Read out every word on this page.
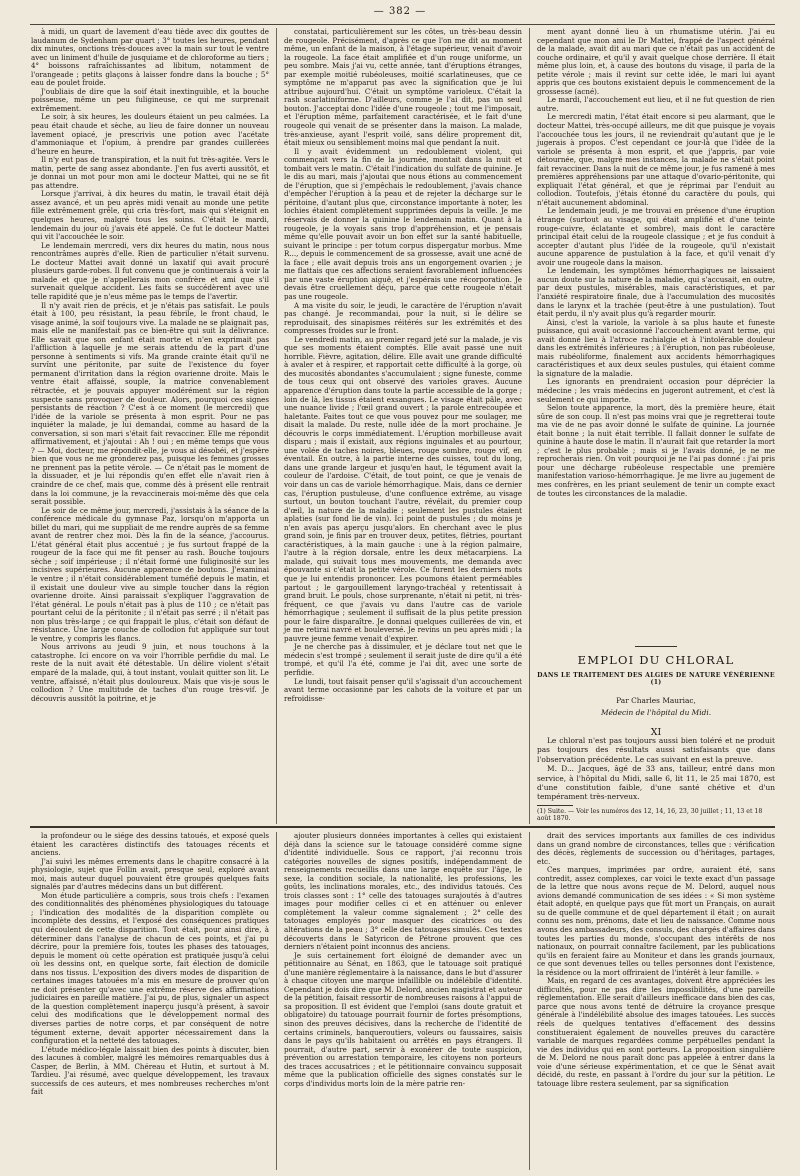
— 382 —

à midi, un quart de lavement d'eau tiède avec dix gouttes de laudanum de Sydenham par quart ; 3° toutes les heures, pendant dix minutes, onctions très-douces avec la main sur tout le ventre avec un liniment d'huile de jusquiame et de chloroforme au tiers ; 4° boissons rafraîchissantes ad libitum, notamment de l'orangeade ; petits glaçons à laisser fondre dans la bouche ; 5° eau de poulet froide.

J'oubliais de dire que la soif était inextinguible, et la bouche poisseuse, même un peu fuligineuse, ce qui me surprenait extrêmement.

Le soir, à six heures, les douleurs étaient un peu calmées. La peau était chaude et sèche, au lieu de faire donner un nouveau lavement opiacé, je prescrivis une potion avec l'acétate d'ammoniaque et l'opium, à prendre par grandes cuillerées d'heure en heure.

Il n'y eut pas de transpiration, et la nuit fut très-agitée. Vers le matin, perte de sang assez abondante. J'en fus averti aussitôt, et je donnai un mot pour mon ami le docteur Mattei, qui ne se fit pas attendre.

Lorsque j'arrivai, à dix heures du matin, le travail était déjà assez avancé, et un peu après midi venait au monde une petite fille extrêmement grêle, qui cria très-fort, mais qui s'éteignit en quelques heures, malgré tous les soins. C'était le mardi, lendemain du jour où j'avais été appelé. Ce fut le docteur Mattei qui vit l'accouchée le soir.

Le lendemain mercredi, vers dix heures du matin, nous nous rencontrâmes auprès d'elle. Rien de particulier n'était survenu. Le docteur Mattei avait donné un laxatif qui avait procuré plusieurs garde-robes. Il fut convenu que je continuerais à voir la malade et que je n'appellerais mon confrère et ami que s'il survenait quelque accident. Les faits se succédèrent avec une telle rapidité que je n'eus même pas le temps de l'avertir.

Il n'y avait rien de précis, et je n'étais pas satisfait. Le pouls était à 100, peu résistant, la peau fébrile, le front chaud, le visage animé, la soif toujours vive. La malade ne se plaignait pas, mais elle ne manifestait pas ce bien-être qui suit la délivrance. Elle savait que son enfant était morte et n'en exprimait pas l'affliction à laquelle je me serais attendu de la part d'une personne à sentiments si vifs. Ma grande crainte était qu'il ne survînt une péritonite, par suite de l'existence du foyer permanent d'irritation dans la région ovarienne droite. Mais le ventre était affaissé, souple, la matrice convenablement rétractée, et je pouvais appuyer modérément sur la région suspecte sans provoquer de douleur. Alors, pourquoi ces signes persistants de réaction ? C'est à ce moment (le mercredi) que l'idée de la variole se présenta à mon esprit. Pour ne pas inquiéter la malade, je lui demandai, comme au hasard de la conversation, si son mari s'était fait revacciner. Elle me répondit affirmativement, et j'ajoutai : Ah ! oui ; en même temps que vous ? — Moi, docteur, me répondit-elle, je vous ai désobéi, et j'espère bien que vous ne me gronderez pas, puisque les femmes grosses ne prennent pas la petite vérole. — Ce n'était pas le moment de la dissuader, et je lui répondis qu'en effet elle n'avait rien à craindre de ce chef, mais que, comme dès à présent elle rentrait dans la loi commune, je la revaccinerais moi-même dès que cela serait possible.

Le soir de ce même jour, mercredi, j'assistais à la séance de la conférence médicale du gymnase Paz, lorsqu'on m'apporta un billet du mari, qui me suppliait de me rendre auprès de sa femme avant de rentrer chez moi. Dès la fin de la séance, j'accourus. L'état général était plus accentué ; je fus surtout frappé de la rougeur de la face qui me fit penser au rash. Bouche toujours sèche ; soif impérieuse ; il n'était formé une fuliginosité sur les incisives supérieures. Aucune apparence de boutons. J'examinai le ventre ; il n'était considérablement tuméfié depuis le matin, et il existait une douleur vive au simple toucher dans la région ovarienne droite. Ainsi paraissait s'expliquer l'aggravation de l'état général. Le pouls n'était pas à plus de 110 ; ce n'était pas pourtant celui de la péritonite ; il n'était pas serré ; il n'était pas non plus très-large ; ce qui frappait le plus, c'était son défaut de résistance. Une large couche de collodion fut appliquée sur tout le ventre, y compris les flancs.

Nous arrivons au jeudi 9 juin, et nous touchons à la catastrophe. Ici encore on va voir l'horrible perfidie du mal. Le reste de la nuit avait été détestable. Un délire violent s'était emparé de la malade, qui, à tout instant, voulait quitter son lit. Le ventre, affaissé, n'était plus douloureux. Mais que vis-je sous le collodion ? Une multitude de taches d'un rouge très-vif. Je découvris aussitôt la poitrine, et je

constatai, particulièrement sur les côtes, un très-beau dessin de rougeole. Précisément, d'après ce que l'on me dit au moment même, un enfant de la maison, à l'étage supérieur, venait d'avoir la rougeole. La face était amplifiée et d'un rouge uniforme, un peu sombre. Mais j'ai vu, cette année, tant d'éruptions étranges, par exemple moitié rubéoleuses, moitié scarlatineuses, que ce symptôme ne m'apparut pas avec la signification que je lui attribue aujourd'hui. C'était un symptôme varioleux. C'était la rash scarlatiniforme. D'ailleurs, comme je l'ai dit, pas un seul bouton. J'acceptai donc l'idée d'une rougeole ; tout me l'imposait, et l'éruption même, parfaitement caractérisée, et le fait d'une rougeole qui venait de se présenter dans la maison. La malade, très-anxieuse, ayant l'esprit voilé, sans délire proprement dit, était mieux ou sensiblement moins mal que pendant la nuit.

Il y avait évidemment un redoublement violent, qui commençait vers la fin de la journée, montait dans la nuit et tombait vers le matin. C'était l'indication du sulfate de quinine. Je le dis au mari, mais j'ajoutai que nous étions au commencement de l'éruption, que si j'empêchais le redoublement, j'avais chance d'empêcher l'éruption à la peau et de rejeter la décharge sur le péritoine, d'autant plus que, circonstance importante à noter, les lochies étaient complètement supprimées depuis la veille. Je me réservais de donner la quinine le lendemain matin. Quant à la rougeole, je la voyais sans trop d'appréhension, et je pensais même qu'elle pouvait avoir un bon effet sur la santé habituelle, suivant le principe : per totum corpus dispergatur morbus. Mme R..., depuis le commencement de sa grossesse, avait une acné de la face ; elle avait depuis trois ans un engorgement ovarien ; je me flattais que ces affections seraient favorablement influencées par une vaste éruption aiguë, et j'espérais une récorporation. Je devais être cruellement déçu, parce que cette rougeole n'était pas une rougeole.

A ma visite du soir, le jeudi, le caractère de l'éruption n'avait pas changé. Je recommandai, pour la nuit, si le délire se reproduisait, des sinapismes réitérés sur les extrémités et des compresses froides sur le front.

Le vendredi matin, au premier regard jeté sur la malade, je vis que ses moments étaient comptés. Elle avait passé une nuit horrible. Fièvre, agitation, délire. Elle avait une grande difficulté à avaler et à respirer, et rapportait cette difficulté à la gorge, où des mucosités abondantes s'accumulaient ; signe funeste, comme de tous ceux qui ont observé des varioles graves. Aucune apparence d'éruption dans toute la partie accessible de la gorge ; loin de là, les tissus étaient exsangues. Le visage était pâle, avec une nuance livide ; l'œil grand ouvert ; la parole entrecoupée et haletante. Faites tout ce que vous pouvez pour me soulager, me disait la malade. Du reste, nulle idée de la mort prochaine. Je découvris le corps immédiatement. L'éruption morbilleuse avait disparu ; mais il existait, aux régions inguinales et au pourtour, une volée de taches noires, bleues, rouge sombre, rouge vif, en éventail. En outre, à la partie interne des cuisses, tout du long, dans une grande largeur et jusqu'en haut, le tégument avait la couleur de l'ardoise. C'était, de tout point, ce que je venais de voir dans un cas de variole hémorrhagique. Mais, dans ce dernier cas, l'éruption pustuleuse, d'une confluence extrême, au visage surtout, un bouton touchant l'autre, révélait, du premier coup d'œil, la nature de la maladie ; seulement les pustules étaient aplaties (sur fond lie de vin). Ici point de pustules ; du moins je n'en avais pas aperçu jusqu'alors. En cherchant avec le plus grand soin, je finis par en trouver deux, petites, flétries, pourtant caractéristiques, à la main gauche : une à la région palmaire, l'autre à la région dorsale, entre les deux métacarpiens. La malade, qui suivait tous mes mouvements, me demanda avec épouvante si c'était la petite vérole. Ce furent les derniers mots que je lui entendis prononcer. Les poumons étaient perméables partout ; le gargouillement laryngo-trachéal y retentissait à grand bruit. Le pouls, chose surprenante, n'était ni petit, ni très-fréquent, ce que j'avais vu dans l'autre cas de variole hémorrhagique ; seulement il suffisait de la plus petite pression pour le faire disparaître. Je donnai quelques cuillerées de vin, et je me retirai navré et bouleversé. Je revins un peu après midi ; la pauvre jeune femme venait d'expirer.

Je ne cherche pas à dissimuler, et je déclare tout net que le médecin s'est trompé ; seulement il serait juste de dire qu'il a été trompé, et qu'il l'a été, comme je l'ai dit, avec une sorte de perfidie.

Le lundi, tout faisait penser qu'il s'agissait d'un accouchement avant terme occasionné par les cahots de la voiture et par un refroidisse-

ment ayant donné lieu à un rhumatisme utérin. J'ai eu cependant que mon ami le Dr Mattei, frappé de l'aspect général de la malade, avait dit au mari que ce n'était pas un accident de couche ordinaire, et qu'il y avait quelque chose derrière. Il était même plus loin, et, à cause des boutons du visage, il parla de la petite vérole ; mais il revint sur cette idée, le mari lui ayant appris que ces boutons existaient depuis le commencement de la grossesse (acné).

Le mardi, l'accouchement eut lieu, et il ne fut question de rien autre.

Le mercredi matin, l'état était encore si peu alarmant, que le docteur Mattei, très-occupé ailleurs, me dit que puisque je voyais l'accouchée tous les jours, il ne reviendrait qu'autant que je le jugerais à propos. C'est cependant ce jour-là que l'idée de la variole se présenta à mon esprit, et que j'appris, par voie détournée, que, malgré mes instances, la malade ne s'était point fait revacciner. Dans la nuit de ce même jour, je fus ramené à mes premières appréhensions par une attaque d'ovario-péritonite, qui expliquait l'état général, et que je réprimai par l'enduit au collodion. Toutefois, j'étais étonné du caractère du pouls, qui n'était aucunement abdominal.

Le lendemain jeudi, je me trouvai en présence d'une éruption étrange (surtout au visage, qui était amplifié et d'une teinte rouge-cuivre, éclatante et sombre), mais dont le caractère principal était celui de la rougeole classique ; et je fus conduit à accepter d'autant plus l'idée de la rougeole, qu'il n'existait aucune apparence de pustulation à la face, et qu'il venait d'y avoir une rougeole dans la maison.

Le lendemain, les symptômes hémorrhagiques ne laissaient aucun doute sur la nature de la maladie, qui s'accusait, en outre, par deux pustules, misérables, mais caractéristiques, et par l'anxiété respiratoire finale, due à l'accumulation des mucosités dans le larynx et la trachée (peut-être à une pustulation). Tout était perdu, il n'y avait plus qu'à regarder mourir.

Ainsi, c'est la variole, la variole à sa plus haute et funeste puissance, qui avait occasionné l'accouchement avant terme, qui avait donné lieu à l'atroce rachialgie et à l'intolérable douleur dans les extrémités inférieures ; à l'éruption, non pas rubéoleuse, mais rubéoliforme, finalement aux accidents hémorrhagiques caractéristiques et aux deux seules pustules, qui étaient comme la signature de la maladie.

Les ignorants en prendraient occasion pour déprécier la médecine ; les vrais médecins en jugeront autrement, et c'est là seulement ce qui importe.

Selon toute apparence, la mort, dès la première heure, était sûre de son coup. Il n'est pas moins vrai que je regretterai toute ma vie de ne pas avoir donné le sulfate de quinine. La journée était bonne ; la nuit était terrible. Il fallait donner le sulfate de quinine à haute dose le matin. Il n'aurait fait que retarder la mort ; c'est le plus probable ; mais si je l'avais donné, je ne me reprocherais rien. On voit pourquoi je ne l'ai pas donné : j'ai pris pour une décharge rubéoleuse respectable une première manifestation varioso-hémorrhagique. Je me livre au jugement de mes confrères, en les priant seulement de tenir un compte exact de toutes les circonstances de la maladie.

EMPLOI DU CHLORAL
DANS LE TRAITEMENT DES ALGIES DE NATURE VÉNÉRIENNE (1)
Par Charles Mauriac,
Médecin de l'hôpital du Midi.
XI

Le chloral n'est pas toujours aussi bien toléré et ne produit pas toujours des résultats aussi satisfaisants que dans l'observation précédente. Le cas suivant en est la preuve.

M. D... Jacques, âgé de 33 ans, tailleur, entré dans mon service, à l'hôpital du Midi, salle 6, lit 11, le 25 mai 1870, est d'une constitution faible, d'une santé chétive et d'un tempérament très-nerveux.

(1) Suite. — Voir les numéros des 12, 14, 16, 23, 30 juillet ; 11, 13 et 18 août 1870.

la profondeur ou le siége des dessins tatoués, et exposé quels étaient les caractères distinctifs des tatouages récents et anciens.

J'ai suivi les mêmes errements dans le chapitre consacré à la physiologie, sujet que Follin avait, presque seul, exploré avant moi, mais auteur duquel pouvaient être groupés quelques faits signalés par d'autres médecins dans un but différent.

Mon étude particulière a compris, sous trois chefs : l'examen des conditionnalités des phénomènes physiologiques du tatouage ; l'indication des modalités de la disparition complète ou incomplète des dessins, et l'exposé des conséquences pratiques qui découlent de cette disparition. Tout était, pour ainsi dire, à déterminer dans l'analyse de chacun de ces points, et j'ai pu décrire, pour la première fois, toutes les phases des tatouages, depuis le moment où cette opération est pratiquée jusqu'à celui où les dessins ont, en quelque sorte, fait élection de domicile dans nos tissus. L'exposition des divers modes de disparition de certaines images tatouées m'a mis en mesure de prouver qu'on ne doit présenter qu'avec une extrême réserve des affirmations judiciaires en pareille matière. J'ai pu, de plus, signaler un aspect de la question complètement inaperçu jusqu'à présent, à savoir celui des modifications que le développement normal des diverses parties de notre corps, et par conséquent de notre tégument externe, devait apporter nécessairement dans la configuration et la netteté des tatouages.

L'étude médico-légale laissait bien des points à discuter, bien des lacunes à combler, malgré les mémoires remarquables dus à Casper, de Berlin, à MM. Chéreau et Hutin, et surtout à M. Tardieu. J'ai résumé, avec quelque développement, les travaux successifs de ces auteurs, et mes nombreuses recherches m'ont fait

ajouter plusieurs données importantes à celles qui existaient déjà dans la science sur le tatouage considéré comme signe d'identité individuelle. Sous ce rapport, j'ai reconnu trois catégories nouvelles de signes positifs, indépendamment de renseignements recueillis dans une large enquête sur l'âge, le sexe, la condition sociale, la nationalité, les professions, les goûts, les inclinations morales, etc., des individus tatoués. Ces trois classes sont : 1° celle des tatouages surajoutés à d'autres images pour modifier celles ci et en atténuer ou enlever complètement la valeur comme signalement ; 2° celle des tatouages employés pour masquer des cicatrices ou des altérations de la peau ; 3° celle des tatouages simulés. Ces textes découverts dans le Satyricon de Pétrone prouvent que ces derniers n'étaient point inconnus des anciens.

Je suis certainement fort éloigné de demander avec un pétitionnaire au Sénat, en 1863, que le tatouage soit pratiqué d'une manière réglementaire à la naissance, dans le but d'assurer à chaque citoyen une marque infaillible ou indélébile d'identité. Cependant je dois dire que M. Delord, ancien magistrat et auteur de la pétition, faisait ressortir de nombreuses raisons à l'appui de sa proposition. Il est évident que l'emploi (sans doute gratuit et obligatoire) du tatouage pourrait fournir de fortes présomptions, sinon des preuves décisives, dans la recherche de l'identité de certains criminels, banqueroutiers, voleurs ou faussaires, saisis dans le pays qu'ils habitaient ou arrêtés en pays étrangers. Il pourrait, d'autre part, servir à exonérer de toute suspicion, prévention ou arrestation temporaire, les citoyens non porteurs des traces accusatrices ; et le pétitionnaire convaincu supposait même que la publication officielle des signes constatés sur le corps d'individus morts loin de la mère patrie ren-

drait des services importants aux familles de ces individus dans un grand nombre de circonstances, telles que : vérification des décès, règlements de succession ou d'héritages, partages, etc.

Ces marques, imprimées par ordre, auraient été, sans contredit, assez complexes, car voici le texte exact d'un passage de la lettre que nous avons reçue de M. Delord, auquel nous avions demandé communication de ses idées : « Si mon système était adopté, en quelque pays que fût mort un Français, on aurait su de quelle commune et de quel département il était ; on aurait connu ses nom, prénoms, date et lieu de naissance. Comme nous avons des ambassadeurs, des consuls, des chargés d'affaires dans toutes les parties du monde, s'occupant des intérêts de nos nationaux, on pourrait connaître facilement, par les publications qu'ils en feraient faire au Moniteur et dans les grands journaux, ce que sont devenues telles ou telles personnes dont l'existence, la résidence ou la mort offriraient de l'intérêt à leur famille. »

Mais, en regard de ces avantages, doivent être appréciées les difficultés, pour ne pas dire les impossibilités, d'une pareille réglementation. Elle serait d'ailleurs inefficace dans bien des cas, parce que nous avons tenté de détruire la croyance presque générale à l'indélébilité absolue des images tatouées. Les succès réels de quelques tentatives d'effacement des dessins constitueraient également de nouvelles preuves du caractère variable de marques regardées comme perpétuelles pendant la vie des individus qui en sont porteurs. La proposition singulière de M. Delord ne nous paraît donc pas appelée à entrer dans la voie d'une sérieuse expérimentation, et ce que le Sénat avait décidé, du reste, en passant à l'ordre du jour sur la pétition. Le tatouage libre restera seulement, par sa signification
